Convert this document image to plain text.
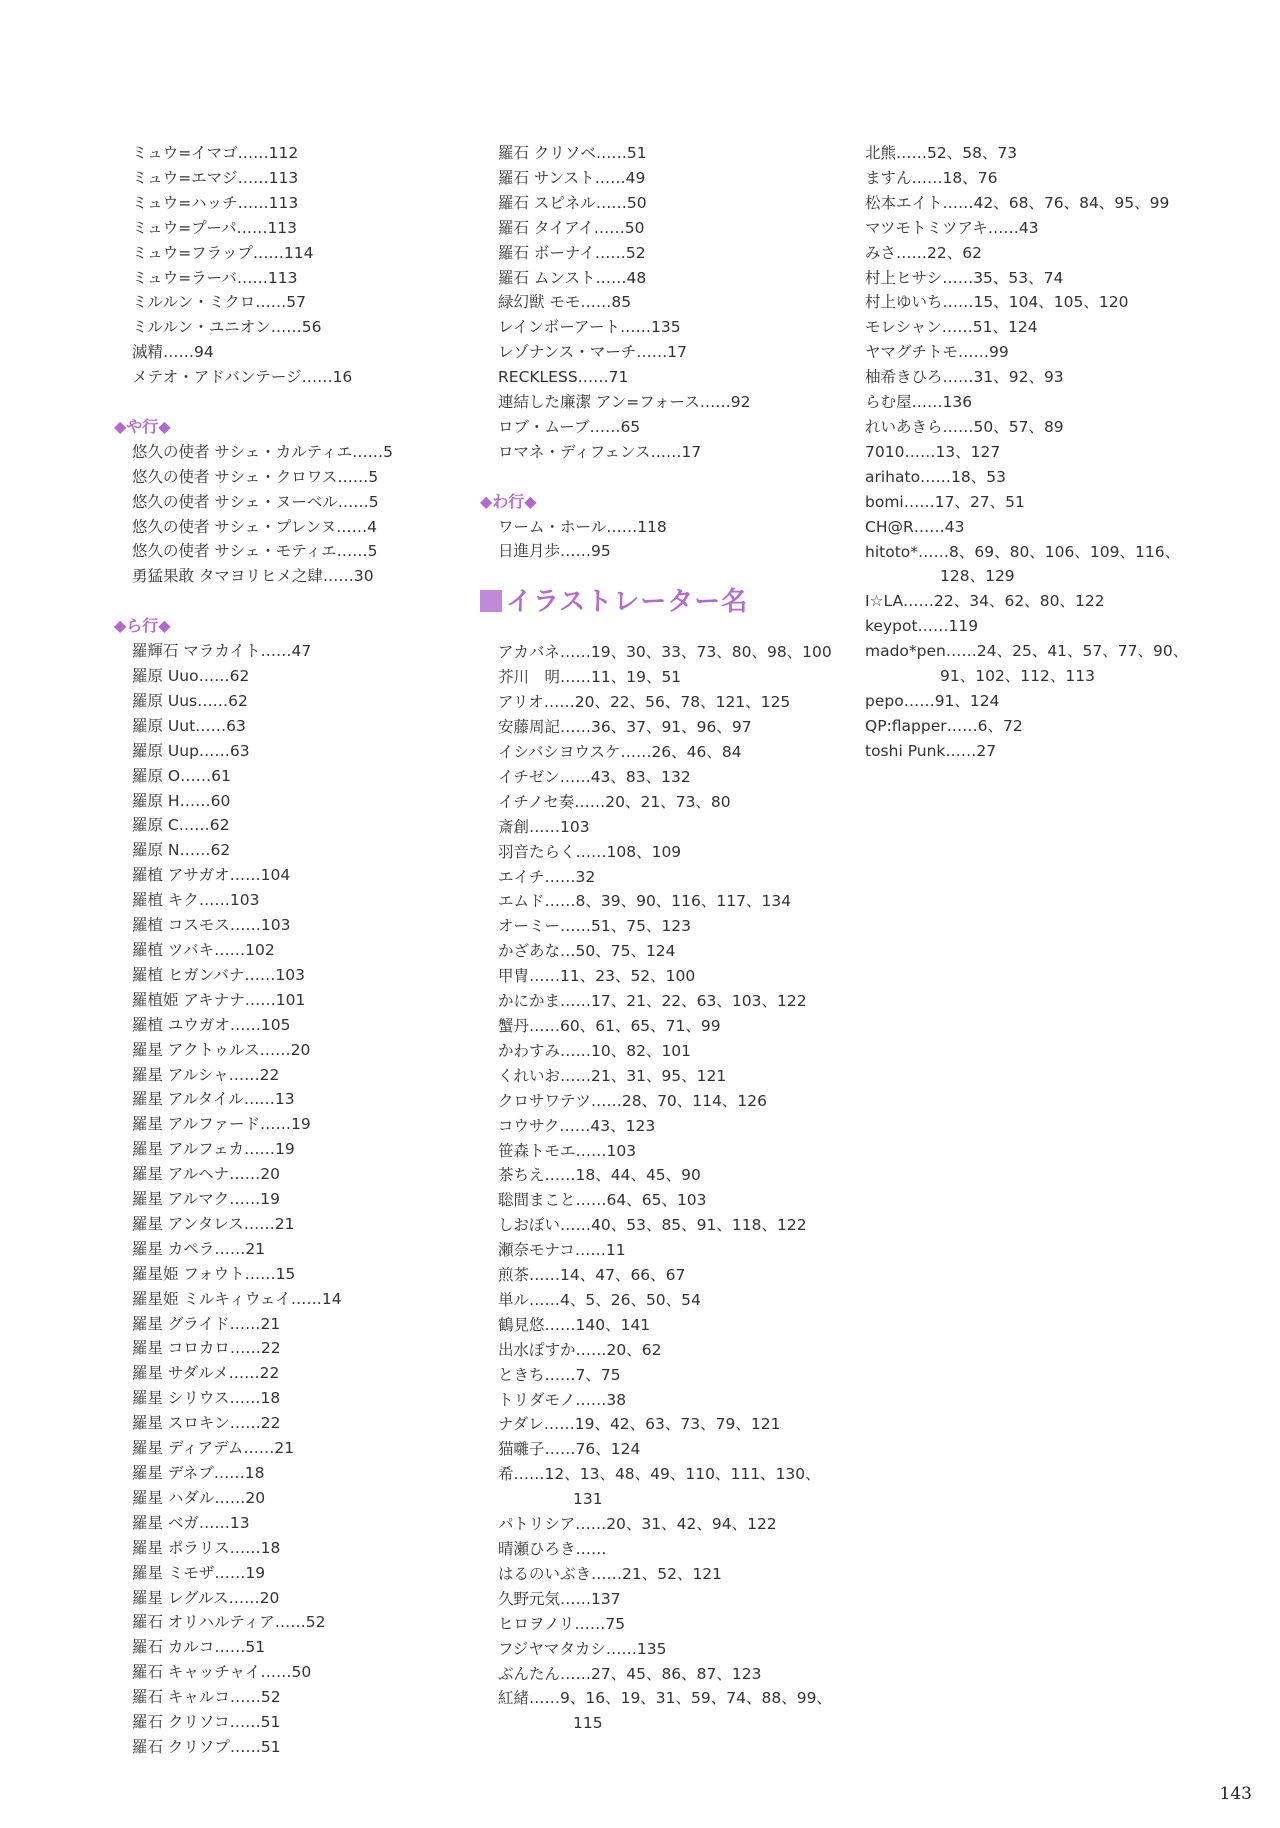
ミュウ=イマゴ……112
ミュウ=エマジ……113
ミュウ=ハッチ……113
ミュウ=プーパ……113
ミュウ=フラップ……114
ミュウ=ラーバ……113
ミルルン・ミクロ……57
ミルルン・ユニオン……56
滅精……94
メテオ・アドバンテージ……16
◆や行◆
悠久の使者 サシェ・カルティエ……5
悠久の使者 サシェ・クロワス……5
悠久の使者 サシェ・ヌーベル……5
悠久の使者 サシェ・プレンヌ……4
悠久の使者 サシェ・モティエ……5
勇猛果敢 タマヨリヒメ之肆……30
◆ら行◆
羅輝石 マラカイト……47
羅原 Uuo……62
羅原 Uus……62
羅原 Uut……63
羅原 Uup……63
羅原 O……61
羅原 H……60
羅原 C……62
羅原 N……62
羅植 アサガオ……104
羅植 キク……103
羅植 コスモス……103
羅植 ツバキ……102
羅植 ヒガンバナ……103
羅植姫 アキナナ……101
羅植 ユウガオ……105
羅星 アクトゥルス……20
羅星 アルシャ……22
羅星 アルタイル……13
羅星 アルファード……19
羅星 アルフェカ……19
羅星 アルヘナ……20
羅星 アルマク……19
羅星 アンタレス……21
羅星 カペラ……21
羅星姫 フォウト……15
羅星姫 ミルキィウェイ……14
羅星 グライド……21
羅星 コロカロ……22
羅星 サダルメ……22
羅星 シリウス……18
羅星 スロキン……22
羅星 ディアデム……21
羅星 デネブ……18
羅星 ハダル……20
羅星 ベガ……13
羅星 ポラリス……18
羅星 ミモザ……19
羅星 レグルス……20
羅石 オリハルティア……52
羅石 カルコ……51
羅石 キャッチャイ……50
羅石 キャルコ……52
羅石 クリソコ……51
羅石 クリソプ……51
羅石 クリソベ……51
羅石 サンスト……49
羅石 スピネル……50
羅石 タイアイ……50
羅石 ボーナイ……52
羅石 ムンスト……48
緑幻獣 モモ……85
レインボーアート……135
レゾナンス・マーチ……17
RECKLESS……71
連結した廉潔 アン=フォース……92
ロブ・ムーブ……65
ロマネ・ディフェンス……17
◆わ行◆
ワーム・ホール……118
日進月歩……95
イラストレーター名
アカバネ……19、30、33、73、80、98、100
芥川　明……11、19、51
アリオ……20、22、56、78、121、125
安藤周記……36、37、91、96、97
イシバシヨウスケ……26、46、84
イチゼン……43、83、132
イチノセ奏……20、21、73、80
斎創……103
羽音たらく……108、109
エイチ……32
エムド……8、39、90、116、117、134
オーミー……51、75、123
かざあな…50、75、124
甲冑……11、23、52、100
かにかま……17、21、22、63、103、122
蟹丹……60、61、65、71、99
かわすみ……10、82、101
くれいお……21、31、95、121
クロサワテツ……28、70、114、126
コウサク……43、123
笹森トモエ……103
茶ちえ……18、44、45、90
聡間まこと……64、65、103
しおぼい……40、53、85、91、118、122
瀬奈モナコ……11
煎茶……14、47、66、67
単ル……4、5、26、50、54
鶴見悠……140、141
出水ぽすか……20、62
ときち……7、75
トリダモノ……38
ナダレ……19、42、63、73、79、121
猫囃子……76、124
希……12、13、48、49、110、111、130、
131
パトリシア……20、31、42、94、122
晴瀬ひろき……
はるのいぶき……21、52、121
久野元気……137
ヒロヲノリ……75
フジヤマタカシ……135
ぶんたん……27、45、86、87、123
紅緒……9、16、19、31、59、74、88、99、
115
北熊……52、58、73
ますん……18、76
松本エイト……42、68、76、84、95、99
マツモトミツアキ……43
みさ……22、62
村上ヒサシ……35、53、74
村上ゆいち……15、104、105、120
モレシャン……51、124
ヤマグチトモ……99
柚希きひろ……31、92、93
らむ屋……136
れいあきら……50、57、89
7010……13、127
arihato……18、53
bomi……17、27、51
CH@R……43
hitoto*……8、69、80、106、109、116、
128、129
I☆LA……22、34、62、80、122
keypot……119
mado*pen……24、25、41、57、77、90、
91、102、112、113
pepo……91、124
QP:flapper……6、72
toshi Punk……27
143
